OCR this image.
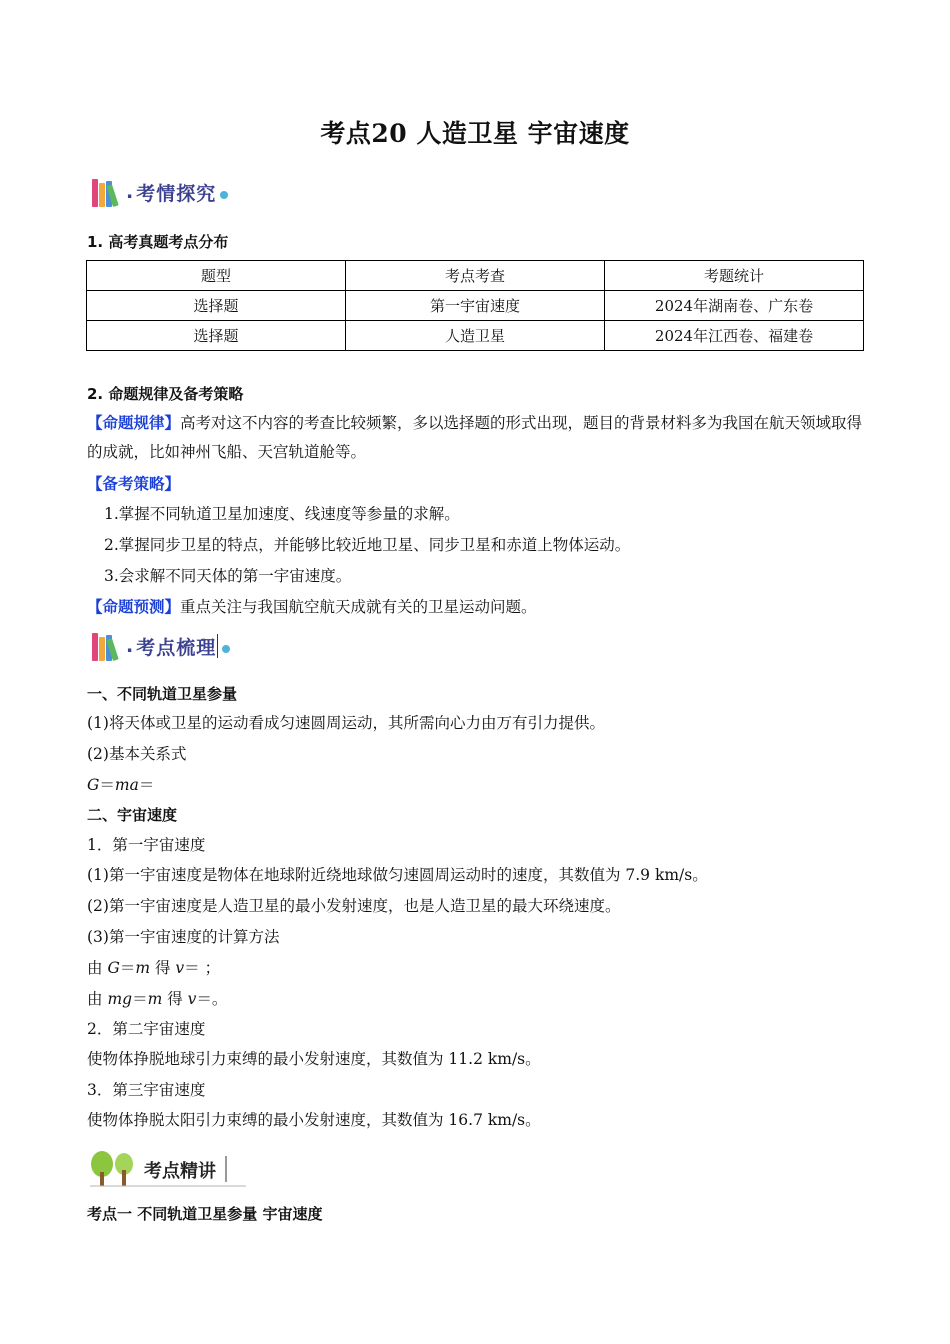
考点20 人造卫星 宇宙速度
. 考情探究
1. 高考真题考点分布
题型	考点考查	考题统计
选择题	第一宇宙速度	2024年湖南卷、广东卷
选择题	人造卫星	2024年江西卷、福建卷
2. 命题规律及备考策略
【命题规律】高考对这不内容的考查比较频繁，多以选择题的形式出现，题目的背景材料多为我国在航天领域取得的成就，比如神州飞船、天宫轨道舱等。
【备考策略】
1.掌握不同轨道卫星加速度、线速度等参量的求解。
2.掌握同步卫星的特点，并能够比较近地卫星、同步卫星和赤道上物体运动。
3.会求解不同天体的第一宇宙速度。
【命题预测】重点关注与我国航空航天成就有关的卫星运动问题。
. 考点梳理
一、不同轨道卫星参量
(1)将天体或卫星的运动看成匀速圆周运动，其所需向心力由万有引力提供。
(2)基本关系式
G＝ma＝
二、宇宙速度
1．第一宇宙速度
(1)第一宇宙速度是物体在地球附近绕地球做匀速圆周运动时的速度，其数值为 7.9 km/s。
(2)第一宇宙速度是人造卫星的最小发射速度，也是人造卫星的最大环绕速度。
(3)第一宇宙速度的计算方法
由 G＝m 得 v＝ ；
由 mg＝m 得 v＝。
2．第二宇宙速度
使物体挣脱地球引力束缚的最小发射速度，其数值为 11.2 km/s。
3．第三宇宙速度
使物体挣脱太阳引力束缚的最小发射速度，其数值为 16.7 km/s。
考点精讲
考点一 不同轨道卫星参量 宇宙速度
